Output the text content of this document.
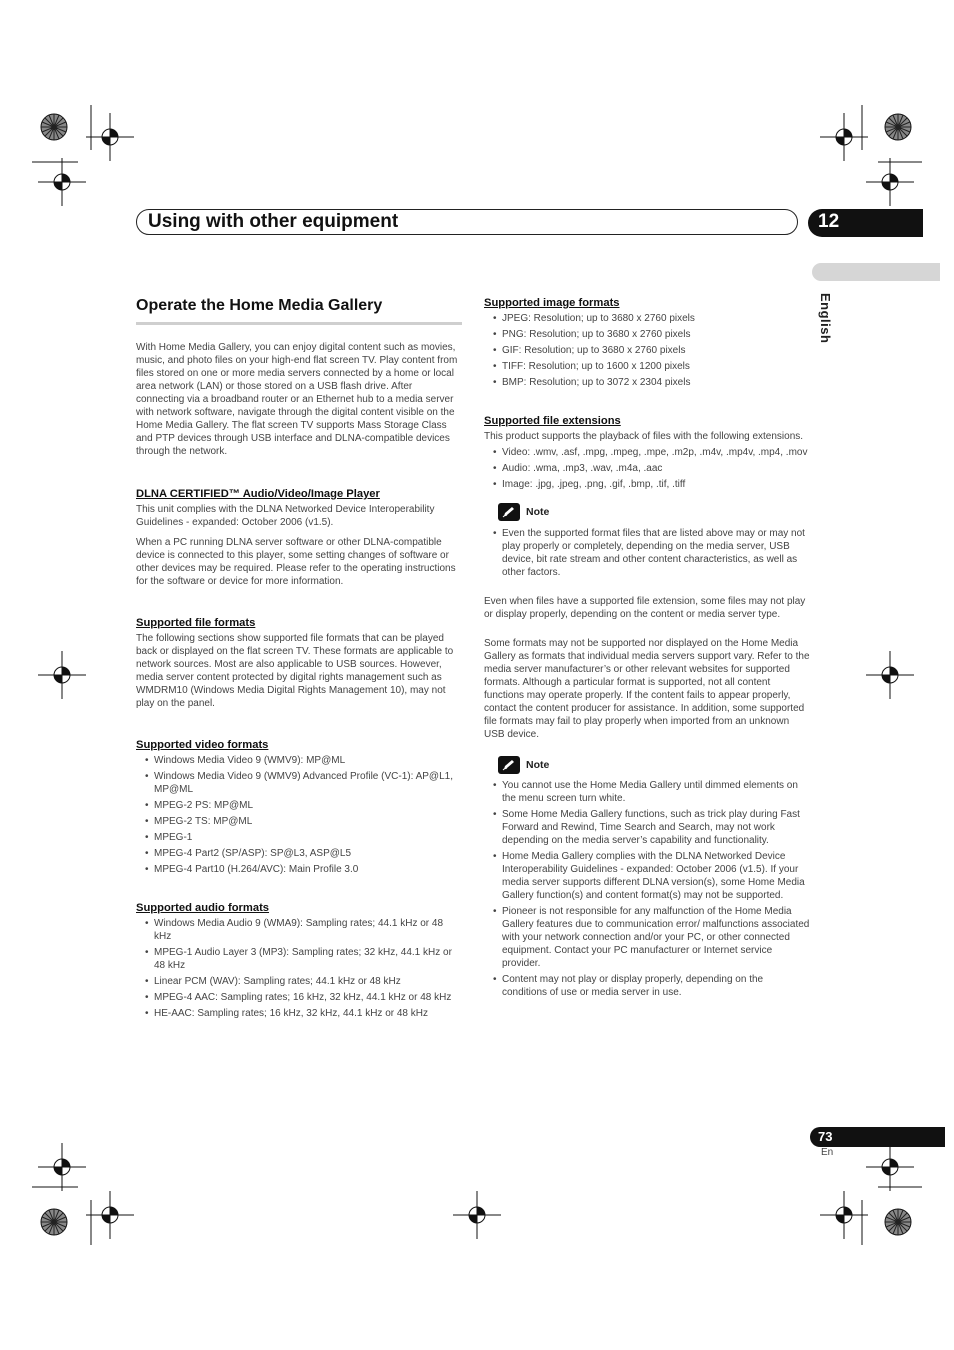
Using with other equipment	12
English
Operate the Home Media Gallery

With Home Media Gallery, you can enjoy digital content such as movies, music, and photo files on your high-end flat screen TV. Play content from files stored on one or more media servers connected by a home or local area network (LAN) or those stored on a USB flash drive. After connecting via a broadband router or an Ethernet hub to a media server with network software, navigate through the digital content visible on the Home Media Gallery. The flat screen TV supports Mass Storage Class and PTP devices through USB interface and DLNA-compatible devices through the network.

DLNA CERTIFIED™ Audio/Video/Image Player

This unit complies with the DLNA Networked Device Interoperability Guidelines - expanded: October 2006 (v1.5).

When a PC running DLNA server software or other DLNA-compatible device is connected to this player, some setting changes of software or other devices may be required. Please refer to the operating instructions for the software or device for more information.

Supported file formats

The following sections show supported file formats that can be played back or displayed on the flat screen TV. These formats are applicable to network sources. Most are also applicable to USB sources. However, media server content protected by digital rights management such as WMDRM10 (Windows Media Digital Rights Management 10), may not play on the panel.

Supported video formats
• Windows Media Video 9 (WMV9): MP@ML
• Windows Media Video 9 (WMV9) Advanced Profile (VC-1): AP@L1, MP@ML
• MPEG-2 PS: MP@ML
• MPEG-2 TS: MP@ML
• MPEG-1
• MPEG-4 Part2 (SP/ASP): SP@L3, ASP@L5
• MPEG-4 Part10 (H.264/AVC): Main Profile 3.0
Supported audio formats
• Windows Media Audio 9 (WMA9): Sampling rates; 44.1 kHz or 48 kHz
• MPEG-1 Audio Layer 3 (MP3): Sampling rates; 32 kHz, 44.1 kHz or 48 kHz
• Linear PCM (WAV): Sampling rates; 44.1 kHz or 48 kHz
• MPEG-4 AAC: Sampling rates; 16 kHz, 32 kHz, 44.1 kHz or 48 kHz
• HE-AAC: Sampling rates; 16 kHz, 32 kHz, 44.1 kHz or 48 kHz
Supported image formats
• JPEG: Resolution; up to 3680 x 2760 pixels
• PNG: Resolution; up to 3680 x 2760 pixels
• GIF: Resolution; up to 3680 x 2760 pixels
• TIFF: Resolution; up to 1600 x 1200 pixels
• BMP: Resolution; up to 3072 x 2304 pixels
Supported file extensions

This product supports the playback of files with the following extensions.

• Video: .wmv, .asf, .mpg, .mpeg, .mpe, .m2p, .m4v, .mp4v, .mp4, .mov
• Audio: .wma, .mp3, .wav, .m4a, .aac
• Image: .jpg, .jpeg, .png, .gif, .bmp, .tif, .tiff
Note
• Even the supported format files that are listed above may or may not play properly or completely, depending on the media server, USB device, bit rate stream and other content characteristics, as well as other factors.

Even when files have a supported file extension, some files may not play or display properly, depending on the content or media server type.

Some formats may not be supported nor displayed on the Home Media Gallery as formats that individual media servers support vary. Refer to the media server manufacturer’s or other relevant websites for supported formats. Although a particular format is supported, not all content functions may operate properly. If the content fails to appear properly, contact the content producer for assistance. In addition, some supported file formats may fail to play properly when imported from an unknown USB device.

Note
• You cannot use the Home Media Gallery until dimmed elements on the menu screen turn white.
• Some Home Media Gallery functions, such as trick play during Fast Forward and Rewind, Time Search and Search, may not work depending on the media server’s capability and functionality.
• Home Media Gallery complies with the DLNA Networked Device Interoperability Guidelines - expanded: October 2006 (v1.5). If your media server supports different DLNA version(s), some Home Media Gallery function(s) and content format(s) may not be supported.
• Pioneer is not responsible for any malfunction of the Home Media Gallery features due to communication error/ malfunctions associated with your network connection and/or your PC, or other connected equipment. Contact your PC manufacturer or Internet service provider.
• Content may not play or display properly, depending on the conditions of use or media server in use.
73
En
